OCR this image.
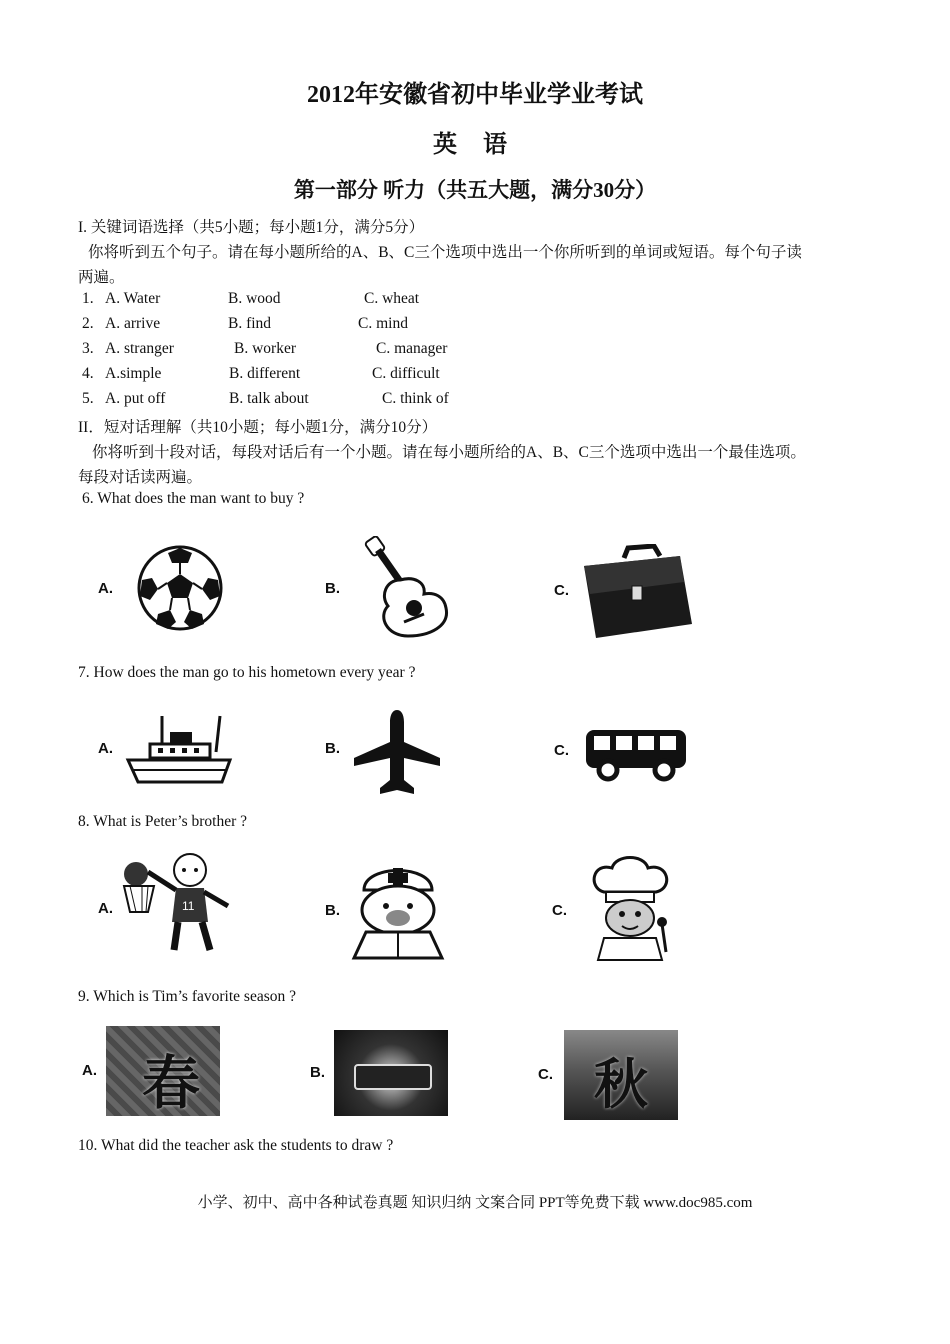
2012年安徽省初中毕业学业考试
英 语
第一部分 听力（共五大题，满分30分）
I. 关键词语选择（共5小题；每小题1分，满分5分）
你将听到五个句子。请在每小题所给的A、B、C三个选项中选出一个你所听到的单词或短语。每个句子读
两遍。
1. A. Water	B. wood	C. wheat
2. A. arrive	B. find	C. mind
3. A. stranger	B. worker	C. manager
4. A.simple	B. different	C. difficult
5. A. put off	B. talk about	C. think of
II．短对话理解（共10小题；每小题1分，满分10分）
你将听到十段对话，每段对话后有一个小题。请在每小题所给的A、B、C三个选项中选出一个最佳选项。
每段对话读两遍。
6. What does the man want to buy ?
A.	B.	C.
7. How does the man go to his hometown every year ?
A.	B.	C.
8. What is Peter’s brother ?
A.	11	B.	C.
9. Which is Tim’s favorite season ?
A. 春	B.	C. 秋
10. What did the teacher ask the students to draw ?
小学、初中、高中各种试卷真题 知识归纳 文案合同 PPT等免费下载 www.doc985.com
